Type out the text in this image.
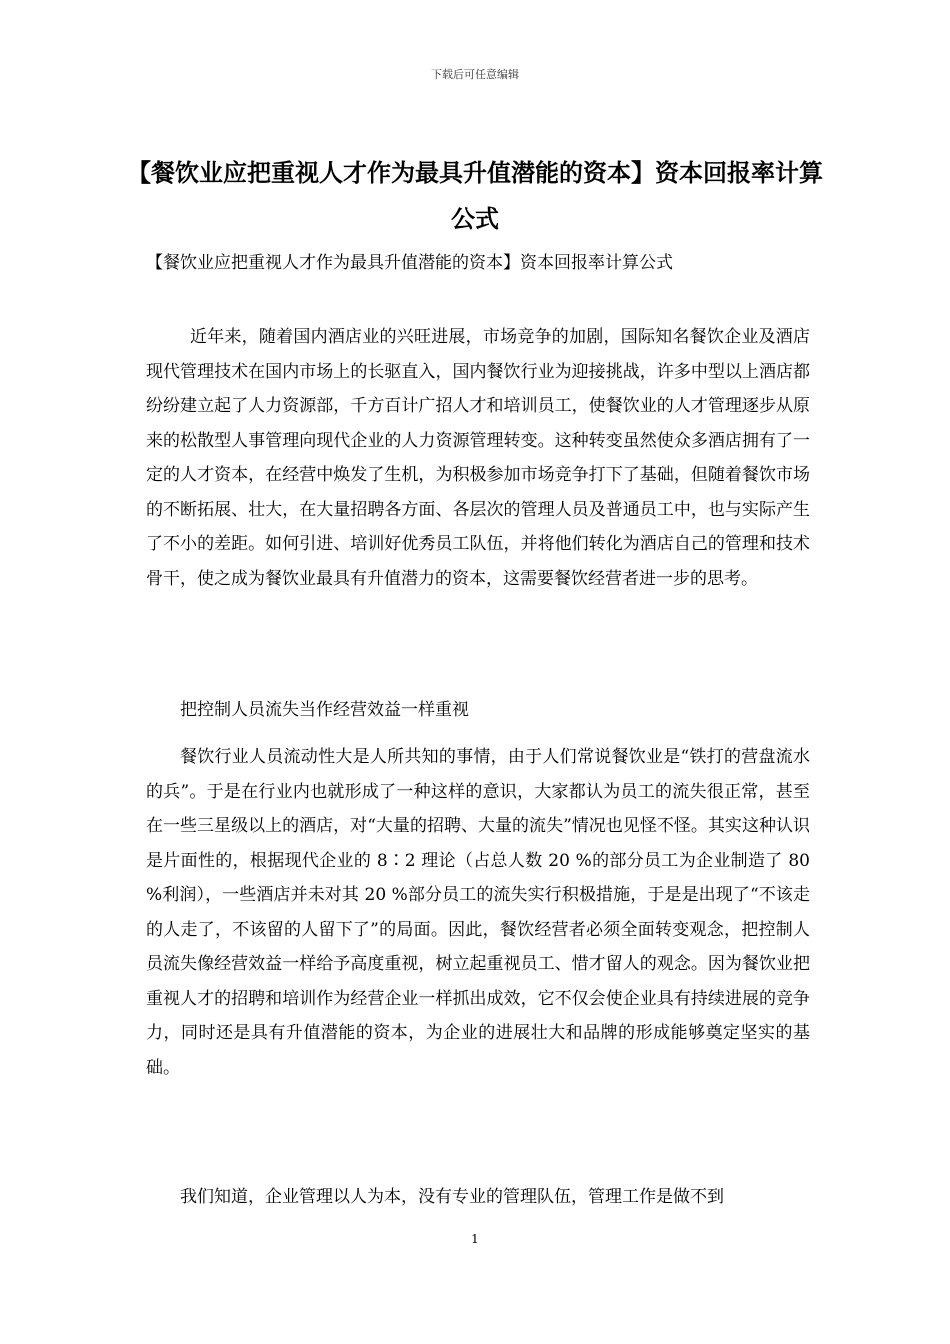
下载后可任意编辑
【餐饮业应把重视人才作为最具升值潜能的资本】资本回报率计算公式

【餐饮业应把重视人才作为最具升值潜能的资本】资本回报率计算公式

近年来，随着国内酒店业的兴旺进展，市场竞争的加剧，国际知名餐饮企业及酒店现代管理技术在国内市场上的长驱直入，国内餐饮行业为迎接挑战，许多中型以上酒店都纷纷建立起了人力资源部，千方百计广招人才和培训员工，使餐饮业的人才管理逐步从原来的松散型人事管理向现代企业的人力资源管理转变。这种转变虽然使众多酒店拥有了一定的人才资本，在经营中焕发了生机，为积极参加市场竞争打下了基础，但随着餐饮市场的不断拓展、壮大，在大量招聘各方面、各层次的管理人员及普通员工中，也与实际产生了不小的差距。如何引进、培训好优秀员工队伍，并将他们转化为酒店自己的管理和技术骨干，使之成为餐饮业最具有升值潜力的资本，这需要餐饮经营者进一步的思考。

把控制人员流失当作经营效益一样重视

餐饮行业人员流动性大是人所共知的事情，由于人们常说餐饮业是“铁打的营盘流水的兵”。于是在行业内也就形成了一种这样的意识，大家都认为员工的流失很正常，甚至在一些三星级以上的酒店，对“大量的招聘、大量的流失”情况也见怪不怪。其实这种认识是片面性的，根据现代企业的 8∶2 理论（占总人数 20 %的部分员工为企业制造了 80 %利润），一些酒店并未对其 20 %部分员工的流失实行积极措施，于是是出现了“不该走的人走了，不该留的人留下了”的局面。因此，餐饮经营者必须全面转变观念，把控制人员流失像经营效益一样给予高度重视，树立起重视员工、惜才留人的观念。因为餐饮业把重视人才的招聘和培训作为经营企业一样抓出成效，它不仅会使企业具有持续进展的竞争力，同时还是具有升值潜能的资本，为企业的进展壮大和品牌的形成能够奠定坚实的基础。

我们知道，企业管理以人为本，没有专业的管理队伍，管理工作是做不到

1
